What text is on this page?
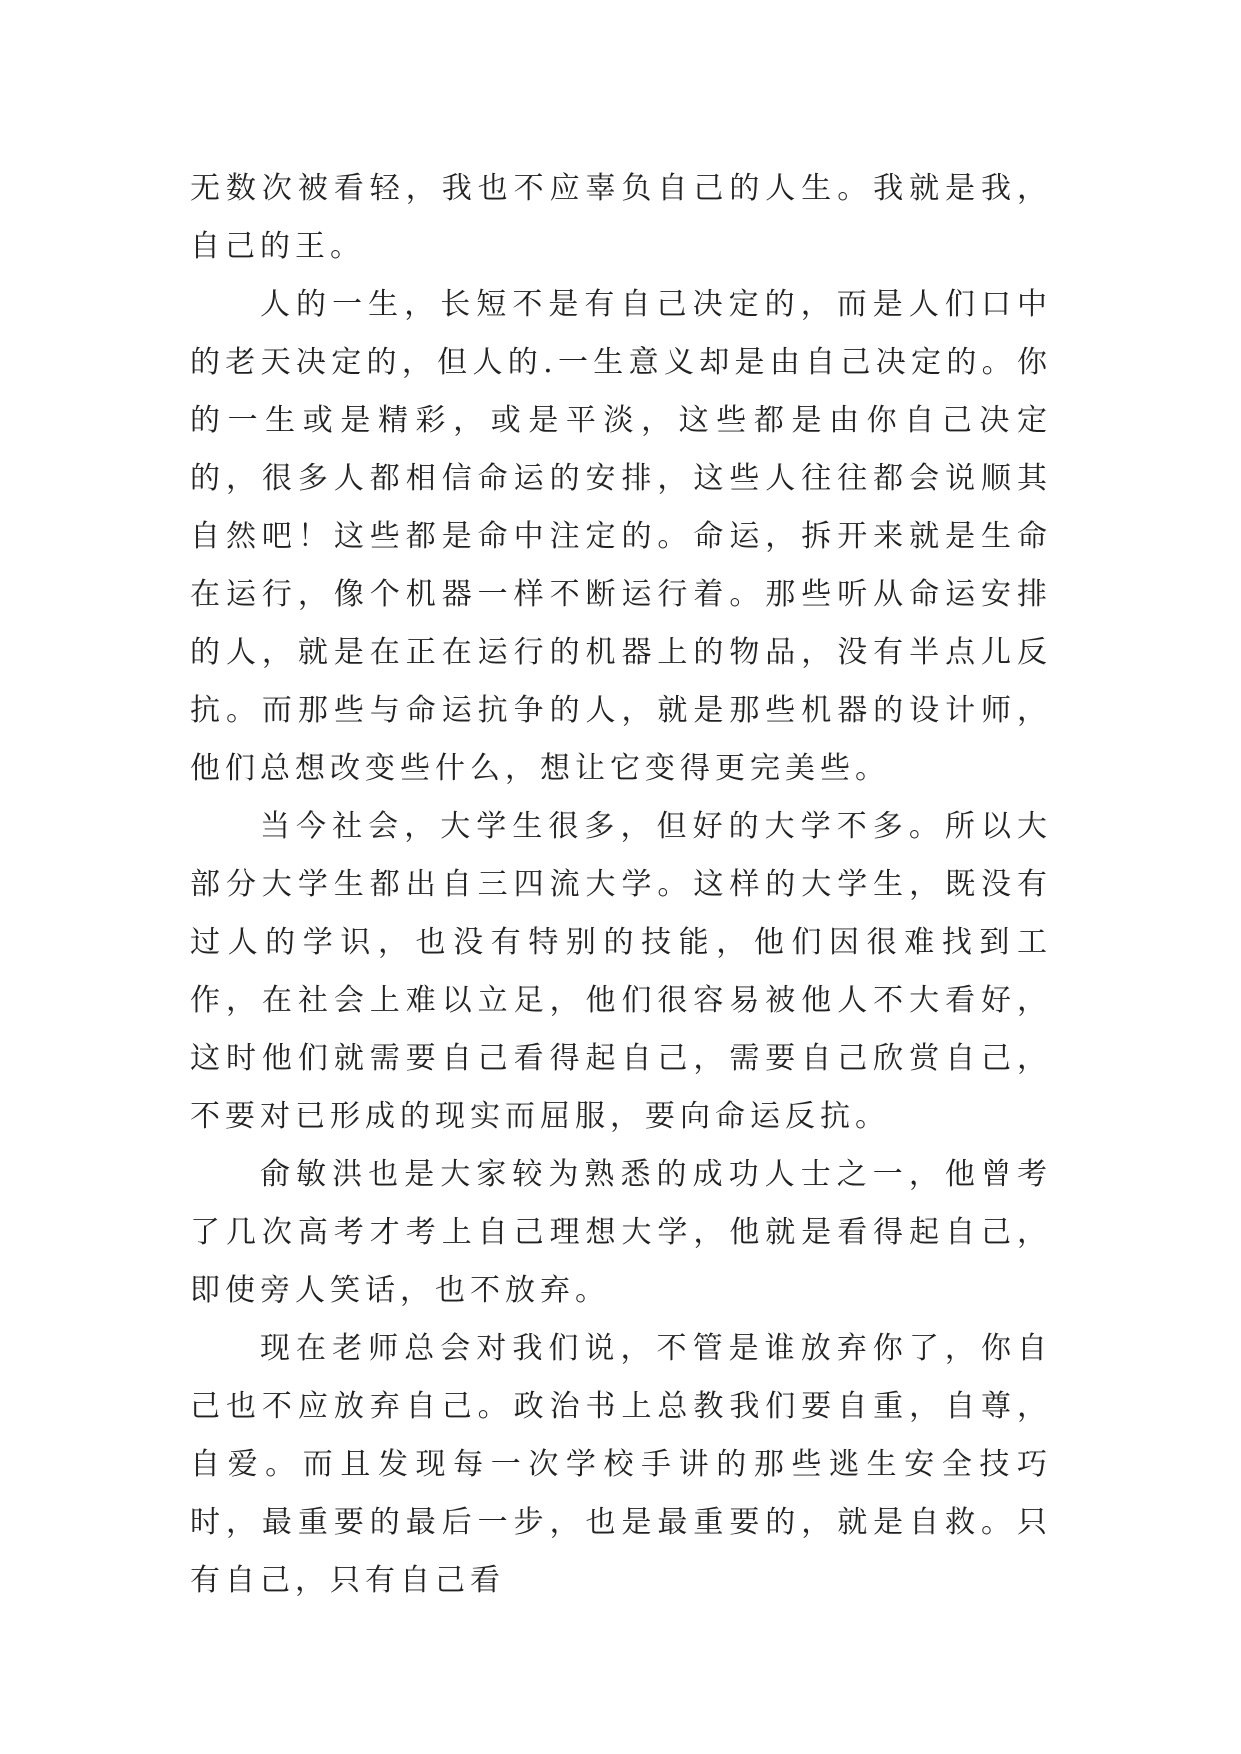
无数次被看轻，我也不应辜负自己的人生。我就是我，自己的王。

人的一生，长短不是有自己决定的，而是人们口中的老天决定的，但人的.一生意义却是由自己决定的。你的一生或是精彩，或是平淡，这些都是由你自己决定的，很多人都相信命运的安排，这些人往往都会说顺其自然吧！这些都是命中注定的。命运，拆开来就是生命在运行，像个机器一样不断运行着。那些听从命运安排的人，就是在正在运行的机器上的物品，没有半点儿反抗。而那些与命运抗争的人，就是那些机器的设计师，他们总想改变些什么，想让它变得更完美些。

当今社会，大学生很多，但好的大学不多。所以大部分大学生都出自三四流大学。这样的大学生，既没有过人的学识，也没有特别的技能，他们因很难找到工作，在社会上难以立足，他们很容易被他人不大看好，这时他们就需要自己看得起自己，需要自己欣赏自己，不要对已形成的现实而屈服，要向命运反抗。

俞敏洪也是大家较为熟悉的成功人士之一，他曾考了几次高考才考上自己理想大学，他就是看得起自己，即使旁人笑话，也不放弃。

现在老师总会对我们说，不管是谁放弃你了，你自己也不应放弃自己。政治书上总教我们要自重，自尊，自爱。而且发现每一次学校手讲的那些逃生安全技巧时，最重要的最后一步，也是最重要的，就是自救。只有自己，只有自己看
